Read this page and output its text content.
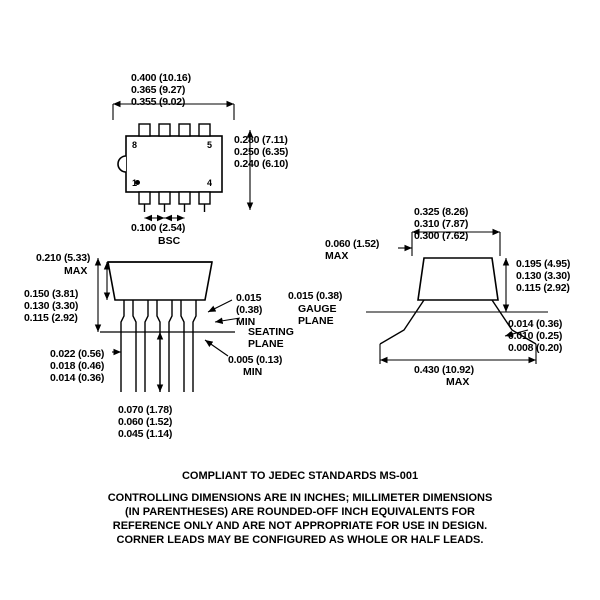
8	5
1	4
0.400 (10.16)
0.365 (9.27)
0.355 (9.02)
0.280 (7.11)
0.250 (6.35)
0.240 (6.10)
0.100 (2.54)
BSC
0.210 (5.33)
MAX
0.150 (3.81)
0.130 (3.30)
0.115 (2.92)
0.022 (0.56)
0.018 (0.46)
0.014 (0.36)
0.070 (1.78)
0.060 (1.52)
0.045 (1.14)
0.015
(0.38)
MIN
SEATING
PLANE
0.005 (0.13)
MIN
0.325 (8.26)
0.310 (7.87)
0.300 (7.62)
0.060 (1.52)
MAX
0.015 (0.38)
GAUGE
PLANE
0.195 (4.95)
0.130 (3.30)
0.115 (2.92)
0.014 (0.36)
0.010 (0.25)
0.008 (0.20)
0.430 (10.92)
MAX
COMPLIANT TO JEDEC STANDARDS MS-001
CONTROLLING DIMENSIONS ARE IN INCHES; MILLIMETER DIMENSIONS
(IN PARENTHESES) ARE ROUNDED-OFF INCH EQUIVALENTS FOR
REFERENCE ONLY AND ARE NOT APPROPRIATE FOR USE IN DESIGN.
CORNER LEADS MAY BE CONFIGURED AS WHOLE OR HALF LEADS.
